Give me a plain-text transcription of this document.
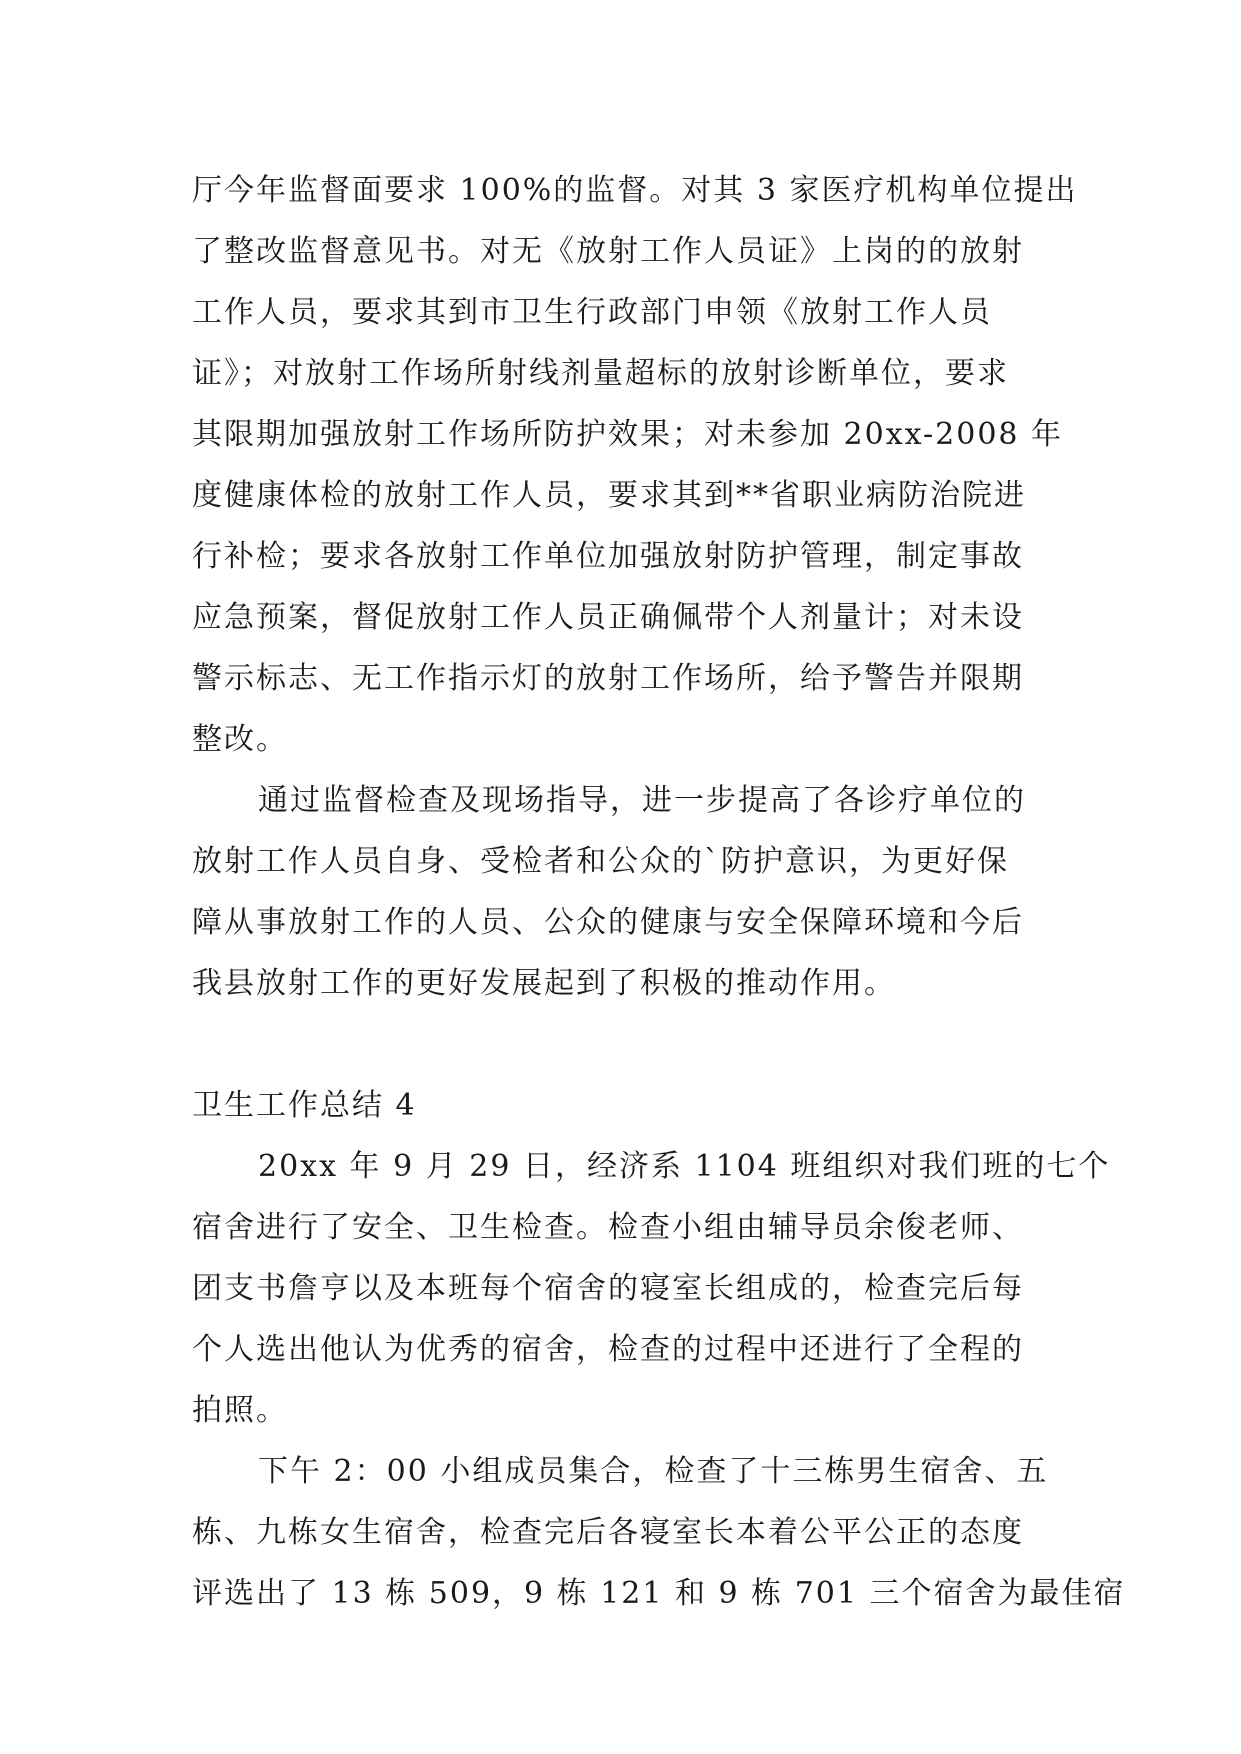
厅今年监督面要求 100%的监督。对其 3 家医疗机构单位提出
了整改监督意见书。对无《放射工作人员证》上岗的的放射
工作人员，要求其到市卫生行政部门申领《放射工作人员
证》；对放射工作场所射线剂量超标的放射诊断单位，要求
其限期加强放射工作场所防护效果；对未参加 20xx-2008 年
度健康体检的放射工作人员，要求其到**省职业病防治院进
行补检；要求各放射工作单位加强放射防护管理，制定事故
应急预案，督促放射工作人员正确佩带个人剂量计；对未设
警示标志、无工作指示灯的放射工作场所，给予警告并限期
整改。
通过监督检查及现场指导，进一步提高了各诊疗单位的
放射工作人员自身、受检者和公众的`防护意识，为更好保
障从事放射工作的人员、公众的健康与安全保障环境和今后
我县放射工作的更好发展起到了积极的推动作用。
卫生工作总结 4
20xx 年 9 月 29 日，经济系 1104 班组织对我们班的七个
宿舍进行了安全、卫生检查。检查小组由辅导员余俊老师、
团支书詹亨以及本班每个宿舍的寝室长组成的，检查完后每
个人选出他认为优秀的宿舍，检查的过程中还进行了全程的
拍照。
下午 2：00 小组成员集合，检查了十三栋男生宿舍、五
栋、九栋女生宿舍，检查完后各寝室长本着公平公正的态度
评选出了 13 栋 509，9 栋 121 和 9 栋 701 三个宿舍为最佳宿
